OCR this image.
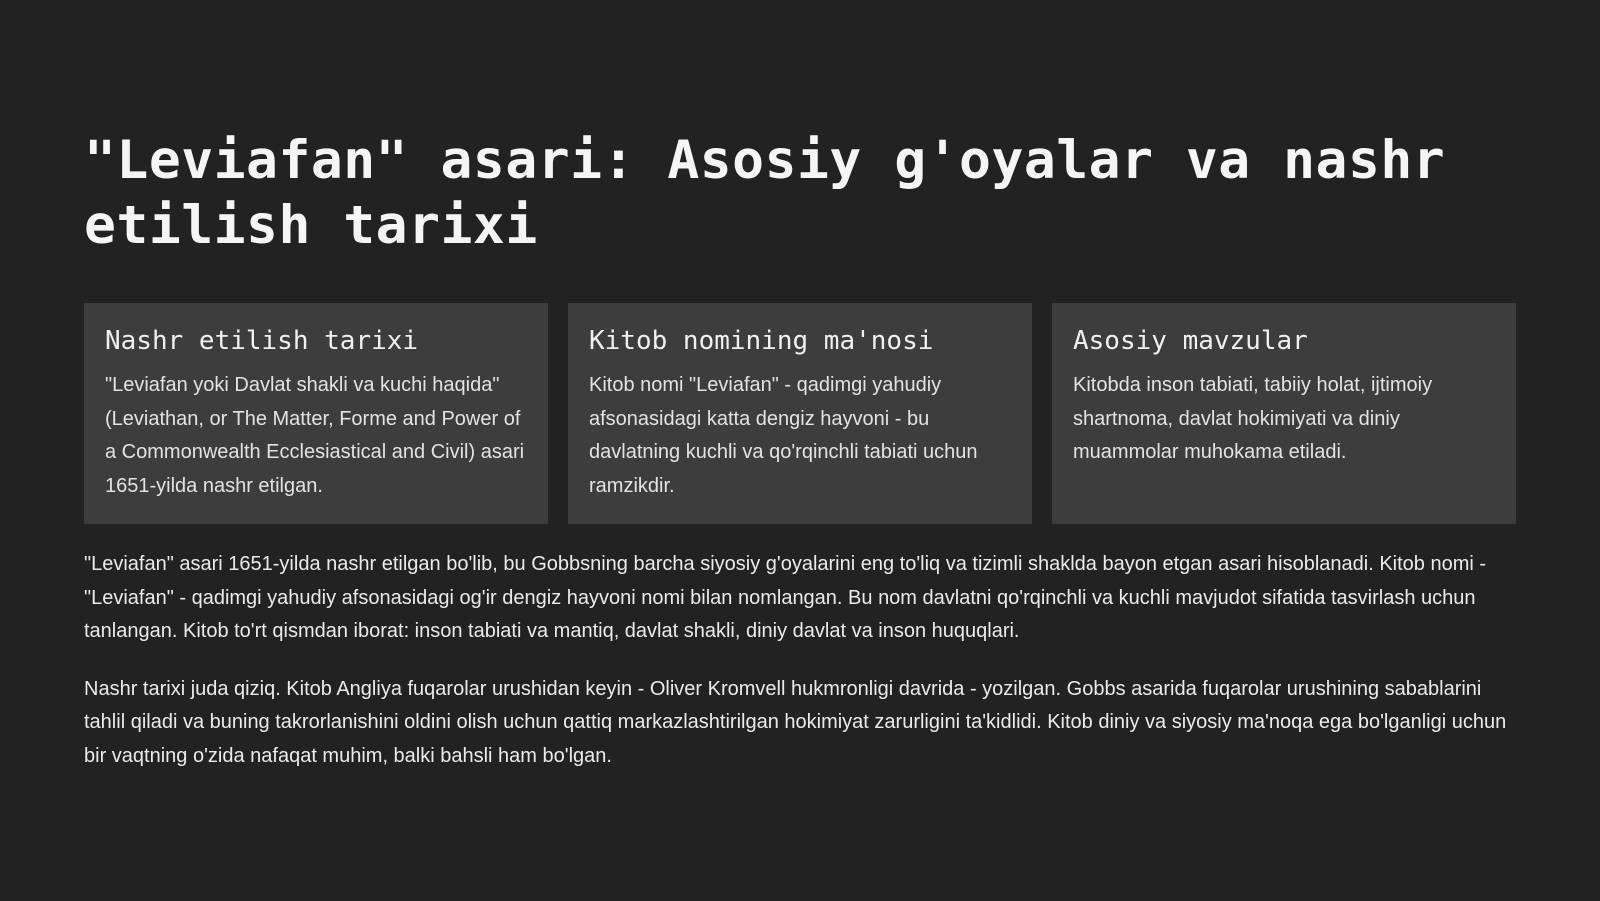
"Leviafan" asari: Asosiy g'oyalar va nashr etilish tarixi
Nashr etilish tarixi

"Leviafan yoki Davlat shakli va kuchi haqida" (Leviathan, or The Matter, Forme and Power of a Commonwealth Ecclesiastical and Civil) asari 1651-yilda nashr etilgan.

Kitob nomining ma'nosi

Kitob nomi "Leviafan" - qadimgi yahudiy afsonasidagi katta dengiz hayvoni - bu davlatning kuchli va qo'rqinchli tabiati uchun ramzikdir.

Asosiy mavzular

Kitobda inson tabiati, tabiiy holat, ijtimoiy shartnoma, davlat hokimiyati va diniy muammolar muhokama etiladi.

"Leviafan" asari 1651-yilda nashr etilgan bo'lib, bu Gobbsning barcha siyosiy g'oyalarini eng to'liq va tizimli shaklda bayon etgan asari hisoblanadi. Kitob nomi - "Leviafan" - qadimgi yahudiy afsonasidagi og'ir dengiz hayvoni nomi bilan nomlangan. Bu nom davlatni qo'rqinchli va kuchli mavjudot sifatida tasvirlash uchun tanlangan. Kitob to'rt qismdan iborat: inson tabiati va mantiq, davlat shakli, diniy davlat va inson huquqlari.

Nashr tarixi juda qiziq. Kitob Angliya fuqarolar urushidan keyin - Oliver Kromvell hukmronligi davrida - yozilgan. Gobbs asarida fuqarolar urushining sabablarini tahlil qiladi va buning takrorlanishini oldini olish uchun qattiq markazlashtirilgan hokimiyat zarurligini ta'kidlidi. Kitob diniy va siyosiy ma'noqa ega bo'lganligi uchun bir vaqtning o'zida nafaqat muhim, balki bahsli ham bo'lgan.
